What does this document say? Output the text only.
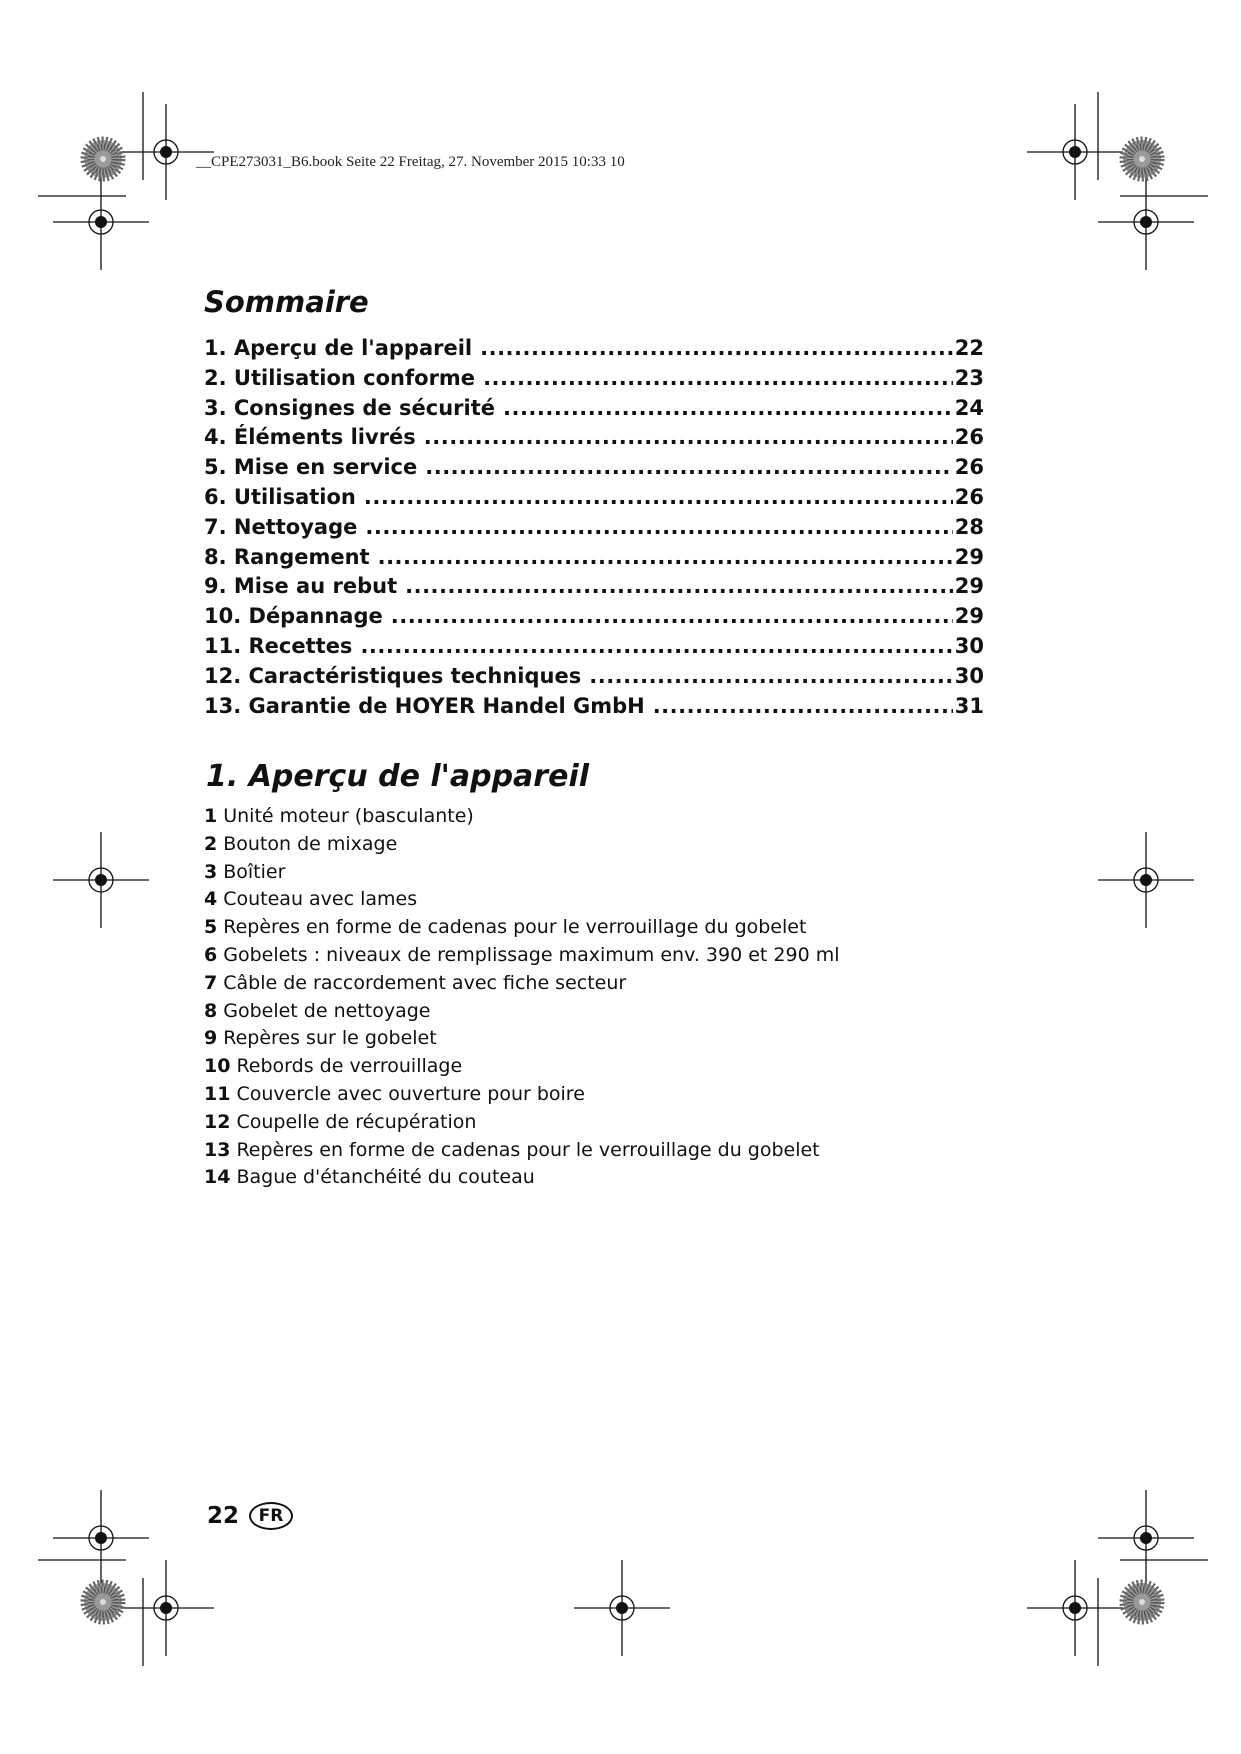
__CPE273031_B6.book Seite 22 Freitag, 27. November 2015 10:33 10

Sommaire
1. Aperçu de l'appareil .....	22
2. Utilisation conforme .....	23
3. Consignes de sécurité .....	24
4. Éléments livrés .....	26
5. Mise en service .....	26
6. Utilisation .....	26
7. Nettoyage .....	28
8. Rangement .....	29
9. Mise au rebut .....	29
10. Dépannage .....	29
11. Recettes .....	30
12. Caractéristiques techniques .....	30
13. Garantie de HOYER Handel GmbH .....	31
1. Aperçu de l'appareil
1 Unité moteur (basculante)
2 Bouton de mixage
3 Boîtier
4 Couteau avec lames
5 Repères en forme de cadenas pour le verrouillage du gobelet
6 Gobelets : niveaux de remplissage maximum env. 390 et 290 ml
7 Câble de raccordement avec fiche secteur
8 Gobelet de nettoyage
9 Repères sur le gobelet
10 Rebords de verrouillage
11 Couvercle avec ouverture pour boire
12 Coupelle de récupération
13 Repères en forme de cadenas pour le verrouillage du gobelet
14 Bague d'étanchéité du couteau
22	FR
